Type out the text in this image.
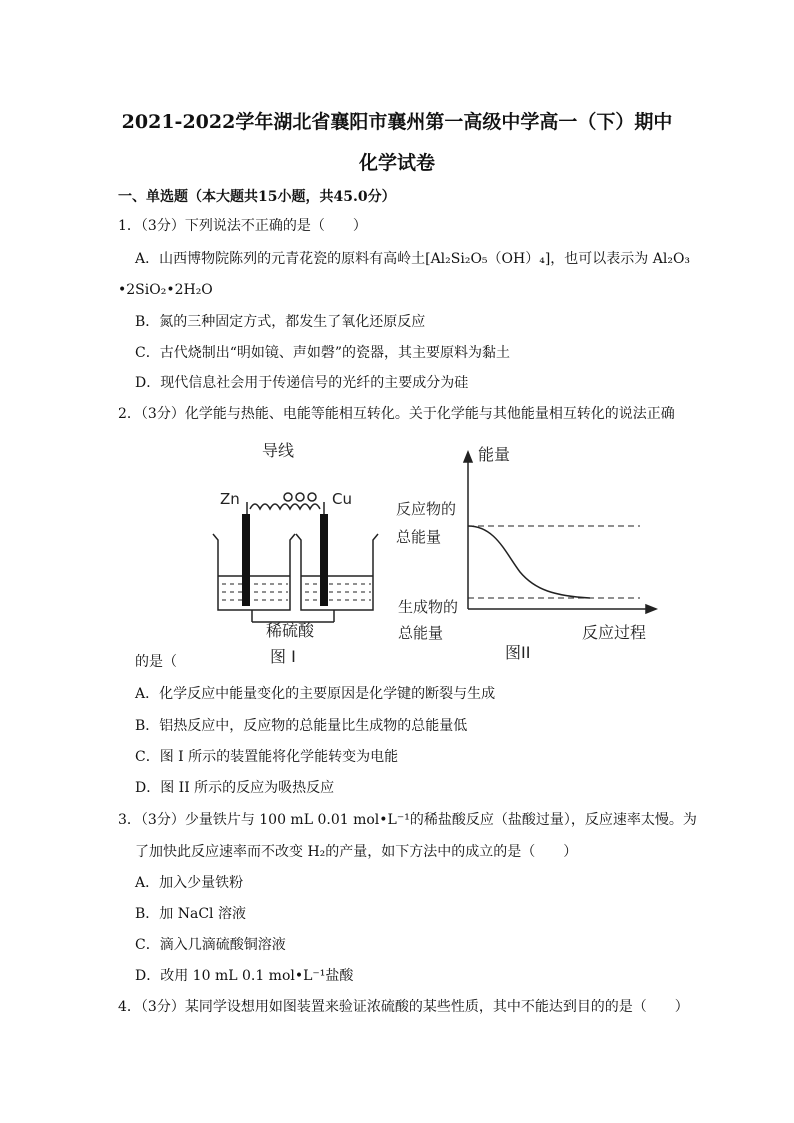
2021-2022学年湖北省襄阳市襄州第一高级中学高一（下）期中
化学试卷
一、单选题（本大题共15小题，共45.0分）
1．（3分）下列说法不正确的是（　　）
A．山西博物院陈列的元青花瓷的原料有高岭土[Al₂Si₂O₅（OH）₄]，也可以表示为 Al₂O₃
•2SiO₂•2H₂O
B．氮的三种固定方式，都发生了氧化还原反应
C．古代烧制出“明如镜、声如磬”的瓷器，其主要原料为黏土
D．现代信息社会用于传递信号的光纤的主要成分为硅
2．（3分）化学能与热能、电能等能相互转化。关于化学能与其他能量相互转化的说法正确
导线
Zn	Cu
稀硫酸
图 I
能量
反应物的
总能量
生成物的
总能量	反应过程
图II
的是（
A．化学反应中能量变化的主要原因是化学键的断裂与生成
B．铝热反应中，反应物的总能量比生成物的总能量低
C．图 I 所示的装置能将化学能转变为电能
D．图 II 所示的反应为吸热反应
3．（3分）少量铁片与 100 mL 0.01 mol•L⁻¹的稀盐酸反应（盐酸过量），反应速率太慢。为
了加快此反应速率而不改变 H₂的产量，如下方法中的成立的是（　　）
A．加入少量铁粉
B．加 NaCl 溶液
C．滴入几滴硫酸铜溶液
D．改用 10 mL 0.1 mol•L⁻¹盐酸
4．（3分）某同学设想用如图装置来验证浓硫酸的某些性质，其中不能达到目的的是（　　）
